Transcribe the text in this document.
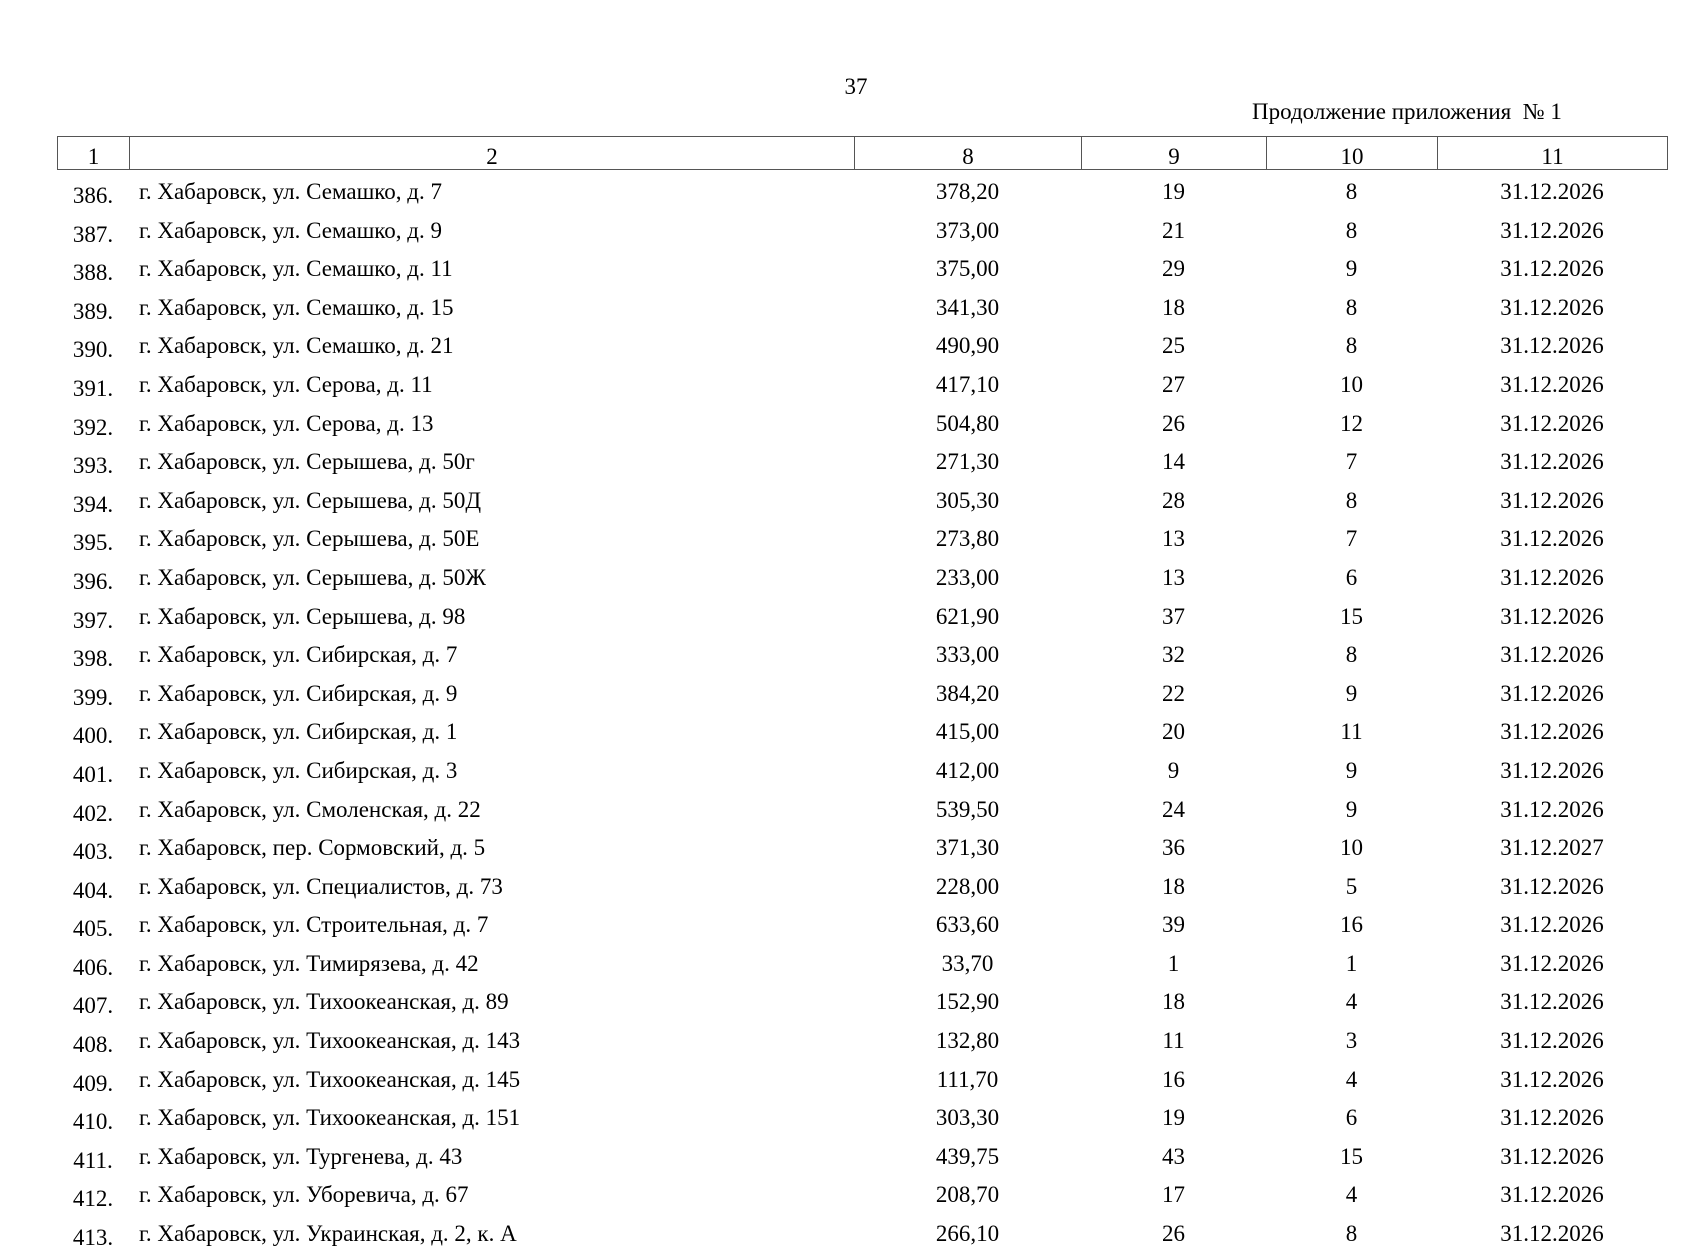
37
Продолжение приложения  № 1
1	2	8	9	10	11
386.	г. Хабаровск, ул. Семашко, д. 7	378,20	19	8	31.12.2026
387.	г. Хабаровск, ул. Семашко, д. 9	373,00	21	8	31.12.2026
388.	г. Хабаровск, ул. Семашко, д. 11	375,00	29	9	31.12.2026
389.	г. Хабаровск, ул. Семашко, д. 15	341,30	18	8	31.12.2026
390.	г. Хабаровск, ул. Семашко, д. 21	490,90	25	8	31.12.2026
391.	г. Хабаровск, ул. Серова, д. 11	417,10	27	10	31.12.2026
392.	г. Хабаровск, ул. Серова, д. 13	504,80	26	12	31.12.2026
393.	г. Хабаровск, ул. Серышева, д. 50г	271,30	14	7	31.12.2026
394.	г. Хабаровск, ул. Серышева, д. 50Д	305,30	28	8	31.12.2026
395.	г. Хабаровск, ул. Серышева, д. 50Е	273,80	13	7	31.12.2026
396.	г. Хабаровск, ул. Серышева, д. 50Ж	233,00	13	6	31.12.2026
397.	г. Хабаровск, ул. Серышева, д. 98	621,90	37	15	31.12.2026
398.	г. Хабаровск, ул. Сибирская, д. 7	333,00	32	8	31.12.2026
399.	г. Хабаровск, ул. Сибирская, д. 9	384,20	22	9	31.12.2026
400.	г. Хабаровск, ул. Сибирская, д. 1	415,00	20	11	31.12.2026
401.	г. Хабаровск, ул. Сибирская, д. 3	412,00	9	9	31.12.2026
402.	г. Хабаровск, ул. Смоленская, д. 22	539,50	24	9	31.12.2026
403.	г. Хабаровск, пер. Сормовский, д. 5	371,30	36	10	31.12.2027
404.	г. Хабаровск, ул. Специалистов, д. 73	228,00	18	5	31.12.2026
405.	г. Хабаровск, ул. Строительная, д. 7	633,60	39	16	31.12.2026
406.	г. Хабаровск, ул. Тимирязева, д. 42	33,70	1	1	31.12.2026
407.	г. Хабаровск, ул. Тихоокеанская, д. 89	152,90	18	4	31.12.2026
408.	г. Хабаровск, ул. Тихоокеанская, д. 143	132,80	11	3	31.12.2026
409.	г. Хабаровск, ул. Тихоокеанская, д. 145	111,70	16	4	31.12.2026
410.	г. Хабаровск, ул. Тихоокеанская, д. 151	303,30	19	6	31.12.2026
411.	г. Хабаровск, ул. Тургенева, д. 43	439,75	43	15	31.12.2026
412.	г. Хабаровск, ул. Уборевича, д. 67	208,70	17	4	31.12.2026
413.	г. Хабаровск, ул. Украинская, д. 2, к. А	266,10	26	8	31.12.2026
